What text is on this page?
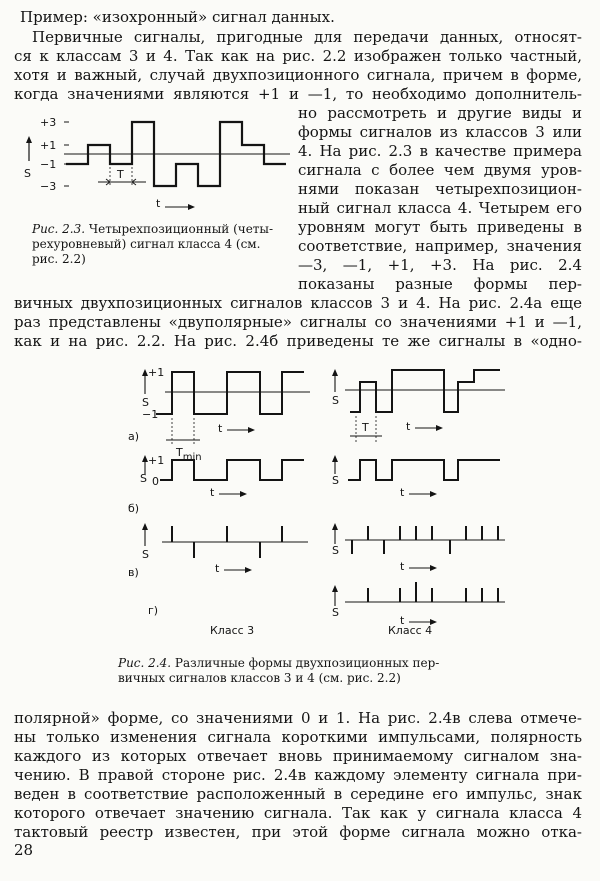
Пример: «изохронный» сигнал данных.
Первичные сигналы, пригодные для передачи данных, относят-
ся к классам 3 и 4. Так как на рис. 2.2 изображен только частный,
хотя и важный, случай двухпозиционного сигнала, причем в форме,
когда значениями являются +1 и —1, то необходимо дополнитель-
но рассмотреть и другие виды и
формы сигналов из классов 3 или
4. На рис. 2.3 в качестве примера
сигнала с более чем двумя уров-
нями показан четырехпозицион-
ный сигнал класса 4. Четырем его
уровням могут быть приведены в
соответствие, например, значения
—3, —1, +1, +3. На рис. 2.4
показаны разные формы пер-
вичных двухпозиционных сигналов классов 3 и 4. На рис. 2.4а еще
раз представлены «двуполярные» сигналы со значениями +1 и —1,
как и на рис. 2.2. На рис. 2.4б приведены те же сигналы в «одно-
+3
+1
−1
−3
S	T
t
Рис. 2.3. Четырехпозиционный (четы-
рехуровневый) сигнал класса 4 (см.
рис. 2.2)
+1
−1
S
Tmin
а)
t
S
T	t
+1
0
S
б)
t
S
t
S
в)	t
S
t
S
г)
t
Класс 3	Класс 4
Рис. 2.4. Различные формы двухпозиционных пер-
вичных сигналов классов 3 и 4 (см. рис. 2.2)
полярной» форме, со значениями 0 и 1. На рис. 2.4в слева отмече-
ны только изменения сигнала короткими импульсами, полярность
каждого из которых отвечает вновь принимаемому сигналом зна-
чению. В правой стороне рис. 2.4в каждому элементу сигнала при-
веден в соответствие расположенный в середине его импульс, знак
которого отвечает значению сигнала. Так как у сигнала класса 4
тактовый реестр известен, при этой форме сигнала можно отка-
28
